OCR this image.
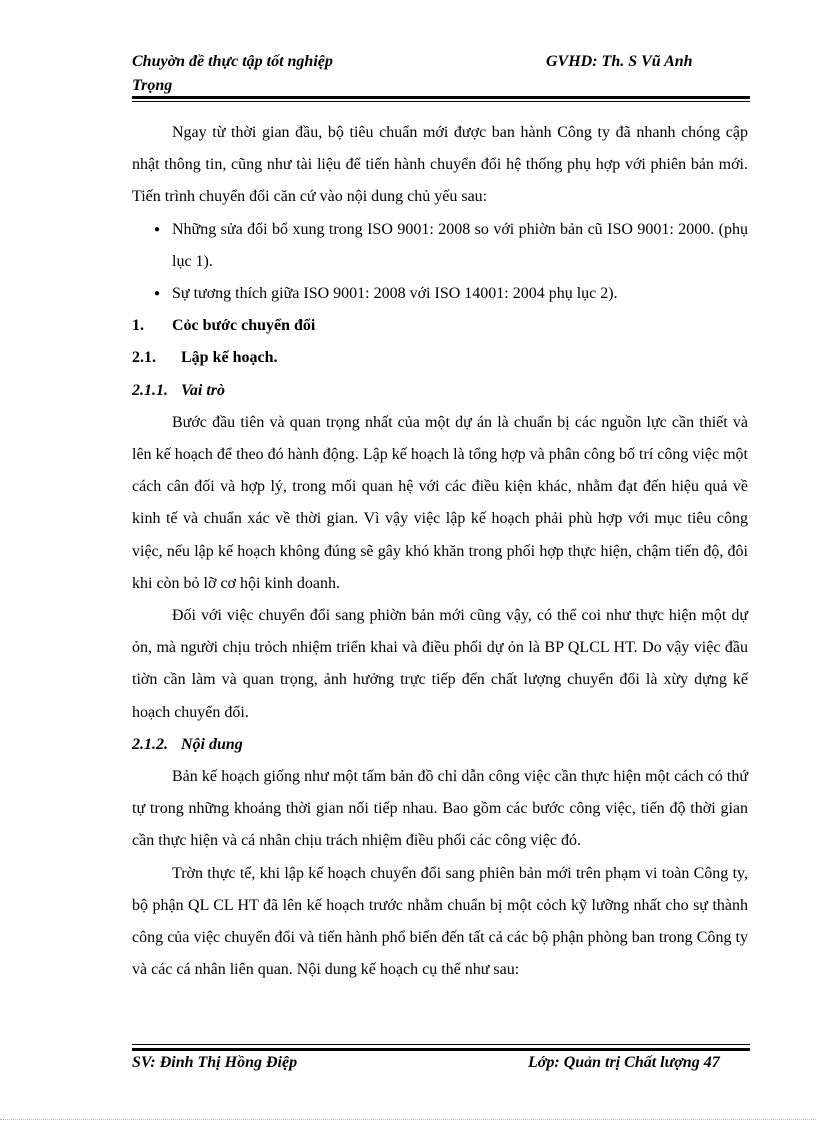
Chuyờn đề thực tập tốt nghiệp
Trọng
GVHD: Th. S Vũ Anh

Ngay từ thời gian đầu, bộ tiêu chuẩn mới được ban hành Công ty đã nhanh chóng cập nhật thông tin, cũng như tài liệu để tiến hành chuyển đổi hệ thống phụ hợp với phiên bản mới. Tiến trình chuyển đổi căn cứ vào nội dung chủ yếu sau:

● Những sửa đổi bổ xung trong ISO 9001: 2008 so với phiờn bản cũ ISO 9001: 2000. (phụ lục 1).
● Sự tương thích giữa ISO 9001: 2008 với ISO 14001: 2004 phụ lục 2).

1. Cỏc bước chuyển đổi

2.1. Lập kế hoạch.

2.1.1. Vai trò

Bước đầu tiên và quan trọng nhất của một dự án là chuẩn bị các nguồn lực cần thiết và lên kế hoạch để theo đó hành động. Lập kế hoạch là tổng hợp và phân công bố trí công việc một cách cân đối và hợp lý, trong mối quan hệ với các điều kiện khác, nhằm đạt đến hiệu quả về kinh tế và chuẩn xác về thời gian. Vì vậy việc lập kế hoạch phải phù hợp với mục tiêu công việc, nếu lập kế hoạch không đúng sẽ gây khó khăn trong phối hợp thực hiện, chậm tiến độ, đôi khi còn bỏ lỡ cơ hội kinh doanh.

Đối với việc chuyển đổi sang phiờn bản mới cũng vậy, có thể coi như thực hiện một dự ỏn, mà người chịu trỏch nhiệm triển khai và điều phối dự ỏn là BP QLCL HT. Do vậy việc đầu tiờn cần làm và quan trọng, ảnh hưởng trực tiếp đến chất lượng chuyển đổi là xừy dựng kế hoạch chuyển đổi.

2.1.2. Nội dung

Bản kế hoạch giống như một tấm bản đồ chỉ dẫn công việc cần thực hiện một cách có thứ tự trong những khoảng thời gian nối tiếp nhau. Bao gồm các bước công việc, tiến độ thời gian cần thực hiện và cá nhân chịu trách nhiệm điều phối các công việc đó.

Trờn thực tế, khi lập kế hoạch chuyển đổi sang phiên bản mới trên phạm vi toàn Công ty, bộ phận QL CL HT đã lên kế hoạch trước nhằm chuẩn bị một cỏch kỹ lưỡng nhất cho sự thành công của việc chuyển đổi và tiến hành phổ biến đến tất cả các bộ phận phòng ban trong Công ty và các cá nhân liên quan. Nội dung kế hoạch cụ thể như sau:

SV: Đinh Thị Hồng Điệp	Lớp: Quản trị Chất lượng 47
